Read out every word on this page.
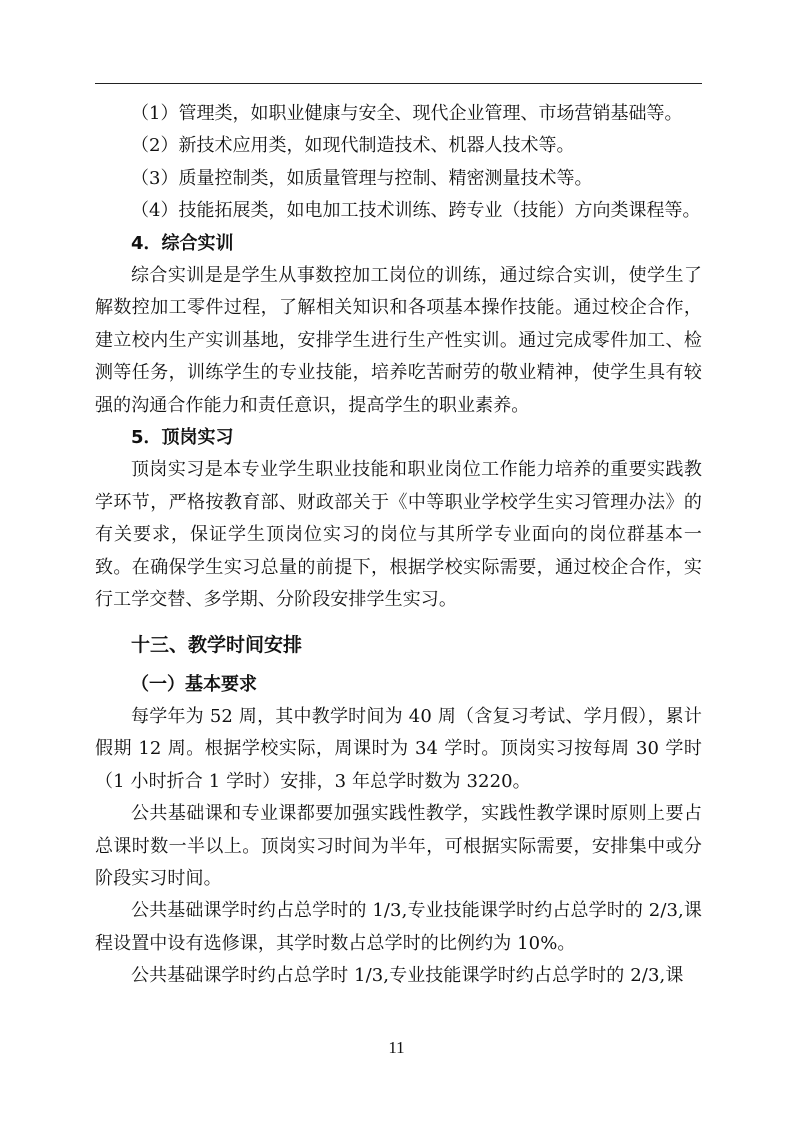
（1）管理类，如职业健康与安全、现代企业管理、市场营销基础等。

（2）新技术应用类，如现代制造技术、机器人技术等。

（3）质量控制类，如质量管理与控制、精密测量技术等。

（4）技能拓展类，如电加工技术训练、跨专业（技能）方向类课程等。

4．综合实训

综合实训是是学生从事数控加工岗位的训练，通过综合实训，使学生了解数控加工零件过程，了解相关知识和各项基本操作技能。通过校企合作，建立校内生产实训基地，安排学生进行生产性实训。通过完成零件加工、检测等任务，训练学生的专业技能，培养吃苦耐劳的敬业精神，使学生具有较强的沟通合作能力和责任意识，提高学生的职业素养。

5．顶岗实习

顶岗实习是本专业学生职业技能和职业岗位工作能力培养的重要实践教学环节，严格按教育部、财政部关于《中等职业学校学生实习管理办法》的有关要求，保证学生顶岗位实习的岗位与其所学专业面向的岗位群基本一致。在确保学生实习总量的前提下，根据学校实际需要，通过校企合作，实行工学交替、多学期、分阶段安排学生实习。

十三、教学时间安排

（一）基本要求

每学年为 52 周，其中教学时间为 40 周（含复习考试、学月假），累计假期 12 周。根据学校实际，周课时为 34 学时。顶岗实习按每周 30 学时（1 小时折合 1 学时）安排，3 年总学时数为 3220。

公共基础课和专业课都要加强实践性教学，实践性教学课时原则上要占总课时数一半以上。顶岗实习时间为半年，可根据实际需要，安排集中或分阶段实习时间。

公共基础课学时约占总学时的 1/3,专业技能课学时约占总学时的 2/3,课程设置中设有选修课，其学时数占总学时的比例约为 10%。

公共基础课学时约占总学时 1/3,专业技能课学时约占总学时的 2/3,课

11
